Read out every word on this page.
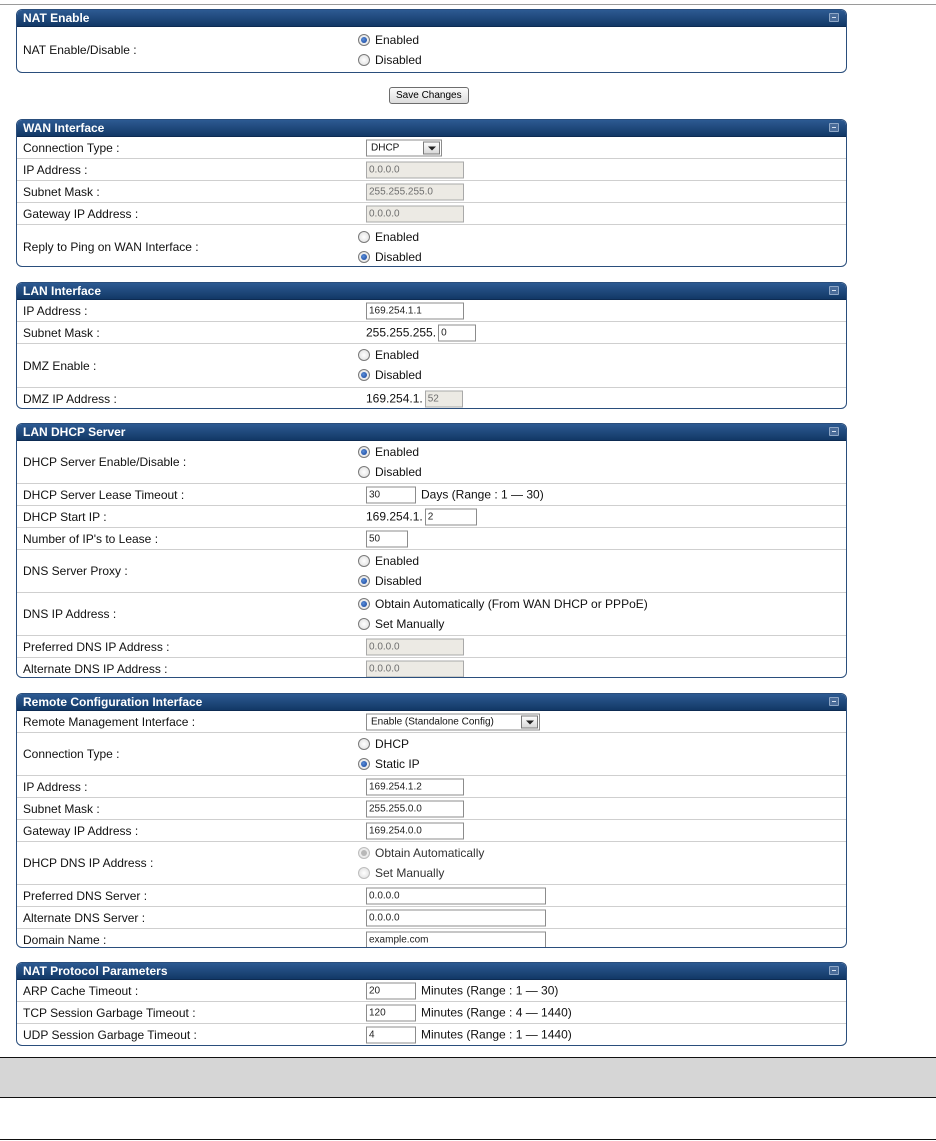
NAT Enable
NAT Enable/Disable :
Enabled
Disabled
Save Changes
WAN Interface
Connection Type :	DHCP
IP Address :	0.0.0.0
Subnet Mask :	255.255.255.0
Gateway IP Address :	0.0.0.0
Reply to Ping on WAN Interface :
Enabled
Disabled
LAN Interface
IP Address :	169.254.1.1
Subnet Mask :	255.255.255. 0
DMZ Enable :
Enabled
Disabled
DMZ IP Address :	169.254.1. 52
LAN DHCP Server
DHCP Server Enable/Disable :
Enabled
Disabled
DHCP Server Lease Timeout :	30	Days (Range : 1 — 30)
DHCP Start IP :	169.254.1. 2
Number of IP's to Lease :	50
DNS Server Proxy :
Enabled
Disabled
DNS IP Address :
Obtain Automatically (From WAN DHCP or PPPoE)
Set Manually
Preferred DNS IP Address :	0.0.0.0
Alternate DNS IP Address :	0.0.0.0
Remote Configuration Interface
Remote Management Interface :	Enable (Standalone Config)
Connection Type :
DHCP
Static IP
IP Address :	169.254.1.2
Subnet Mask :	255.255.0.0
Gateway IP Address :	169.254.0.0
DHCP DNS IP Address :
Obtain Automatically
Set Manually
Preferred DNS Server :	0.0.0.0
Alternate DNS Server :	0.0.0.0
Domain Name :	example.com
NAT Protocol Parameters
ARP Cache Timeout :	20	Minutes (Range : 1 — 30)
TCP Session Garbage Timeout :	120	Minutes (Range : 4 — 1440)
UDP Session Garbage Timeout :	4	Minutes (Range : 1 — 1440)
